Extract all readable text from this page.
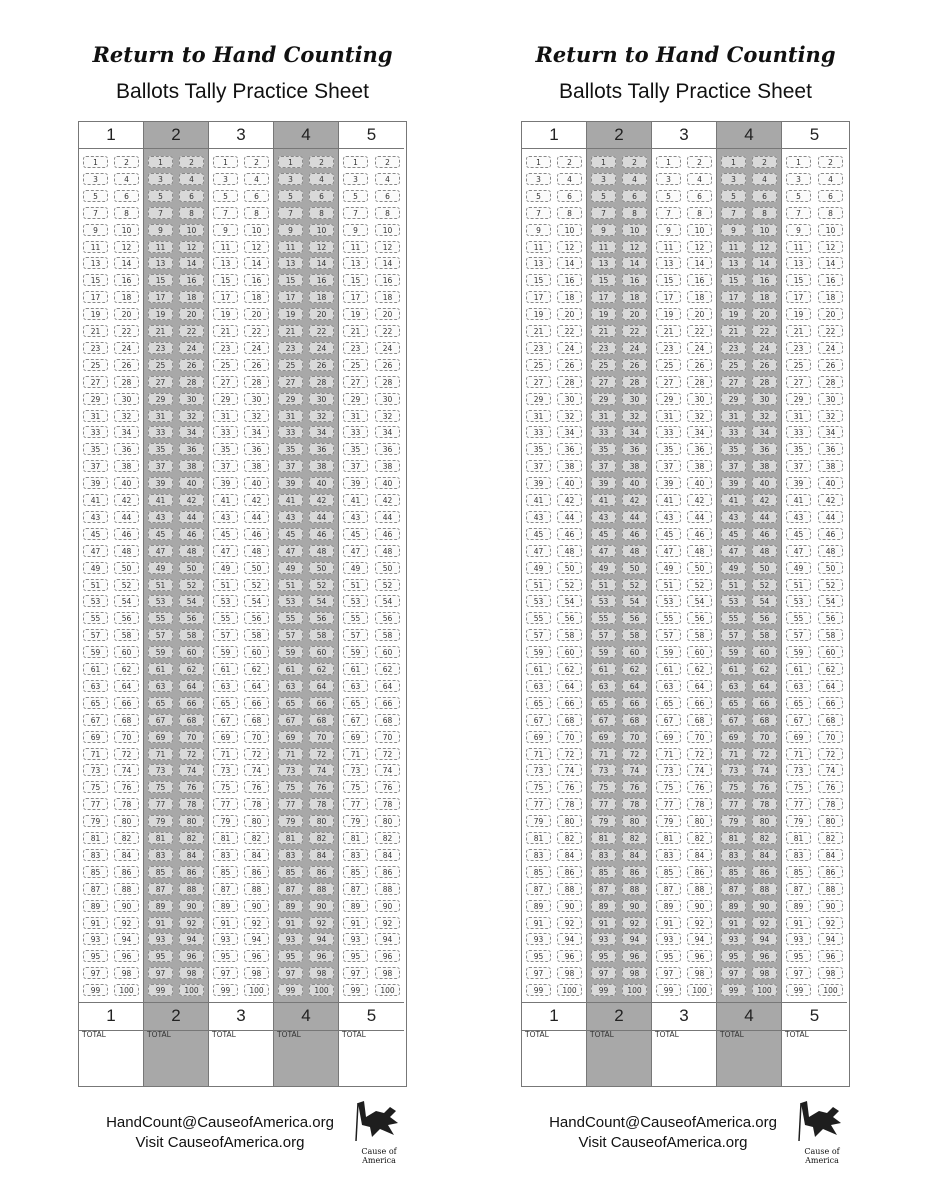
Return to Hand Counting
Ballots Tally Practice Sheet
1
1	2
3	4
5	6
7	8
9	10
11	12
13	14
15	16
17	18
19	20
21	22
23	24
25	26
27	28
29	30
31	32
33	34
35	36
37	38
39	40
41	42
43	44
45	46
47	48
49	50
51	52
53	54
55	56
57	58
59	60
61	62
63	64
65	66
67	68
69	70
71	72
73	74
75	76
77	78
79	80
81	82
83	84
85	86
87	88
89	90
91	92
93	94
95	96
97	98
99	100
1
TOTAL
2
1	2
3	4
5	6
7	8
9	10
11	12
13	14
15	16
17	18
19	20
21	22
23	24
25	26
27	28
29	30
31	32
33	34
35	36
37	38
39	40
41	42
43	44
45	46
47	48
49	50
51	52
53	54
55	56
57	58
59	60
61	62
63	64
65	66
67	68
69	70
71	72
73	74
75	76
77	78
79	80
81	82
83	84
85	86
87	88
89	90
91	92
93	94
95	96
97	98
99	100
2
TOTAL
3
1	2
3	4
5	6
7	8
9	10
11	12
13	14
15	16
17	18
19	20
21	22
23	24
25	26
27	28
29	30
31	32
33	34
35	36
37	38
39	40
41	42
43	44
45	46
47	48
49	50
51	52
53	54
55	56
57	58
59	60
61	62
63	64
65	66
67	68
69	70
71	72
73	74
75	76
77	78
79	80
81	82
83	84
85	86
87	88
89	90
91	92
93	94
95	96
97	98
99	100
3
TOTAL
4
1	2
3	4
5	6
7	8
9	10
11	12
13	14
15	16
17	18
19	20
21	22
23	24
25	26
27	28
29	30
31	32
33	34
35	36
37	38
39	40
41	42
43	44
45	46
47	48
49	50
51	52
53	54
55	56
57	58
59	60
61	62
63	64
65	66
67	68
69	70
71	72
73	74
75	76
77	78
79	80
81	82
83	84
85	86
87	88
89	90
91	92
93	94
95	96
97	98
99	100
4
TOTAL
5
1	2
3	4
5	6
7	8
9	10
11	12
13	14
15	16
17	18
19	20
21	22
23	24
25	26
27	28
29	30
31	32
33	34
35	36
37	38
39	40
41	42
43	44
45	46
47	48
49	50
51	52
53	54
55	56
57	58
59	60
61	62
63	64
65	66
67	68
69	70
71	72
73	74
75	76
77	78
79	80
81	82
83	84
85	86
87	88
89	90
91	92
93	94
95	96
97	98
99	100
5
TOTAL
HandCount@CauseofAmerica.org
Visit CauseofAmerica.org
Cause of America
Return to Hand Counting
Ballots Tally Practice Sheet
1
1	2
3	4
5	6
7	8
9	10
11	12
13	14
15	16
17	18
19	20
21	22
23	24
25	26
27	28
29	30
31	32
33	34
35	36
37	38
39	40
41	42
43	44
45	46
47	48
49	50
51	52
53	54
55	56
57	58
59	60
61	62
63	64
65	66
67	68
69	70
71	72
73	74
75	76
77	78
79	80
81	82
83	84
85	86
87	88
89	90
91	92
93	94
95	96
97	98
99	100
1
TOTAL
2
1	2
3	4
5	6
7	8
9	10
11	12
13	14
15	16
17	18
19	20
21	22
23	24
25	26
27	28
29	30
31	32
33	34
35	36
37	38
39	40
41	42
43	44
45	46
47	48
49	50
51	52
53	54
55	56
57	58
59	60
61	62
63	64
65	66
67	68
69	70
71	72
73	74
75	76
77	78
79	80
81	82
83	84
85	86
87	88
89	90
91	92
93	94
95	96
97	98
99	100
2
TOTAL
3
1	2
3	4
5	6
7	8
9	10
11	12
13	14
15	16
17	18
19	20
21	22
23	24
25	26
27	28
29	30
31	32
33	34
35	36
37	38
39	40
41	42
43	44
45	46
47	48
49	50
51	52
53	54
55	56
57	58
59	60
61	62
63	64
65	66
67	68
69	70
71	72
73	74
75	76
77	78
79	80
81	82
83	84
85	86
87	88
89	90
91	92
93	94
95	96
97	98
99	100
3
TOTAL
4
1	2
3	4
5	6
7	8
9	10
11	12
13	14
15	16
17	18
19	20
21	22
23	24
25	26
27	28
29	30
31	32
33	34
35	36
37	38
39	40
41	42
43	44
45	46
47	48
49	50
51	52
53	54
55	56
57	58
59	60
61	62
63	64
65	66
67	68
69	70
71	72
73	74
75	76
77	78
79	80
81	82
83	84
85	86
87	88
89	90
91	92
93	94
95	96
97	98
99	100
4
TOTAL
5
1	2
3	4
5	6
7	8
9	10
11	12
13	14
15	16
17	18
19	20
21	22
23	24
25	26
27	28
29	30
31	32
33	34
35	36
37	38
39	40
41	42
43	44
45	46
47	48
49	50
51	52
53	54
55	56
57	58
59	60
61	62
63	64
65	66
67	68
69	70
71	72
73	74
75	76
77	78
79	80
81	82
83	84
85	86
87	88
89	90
91	92
93	94
95	96
97	98
99	100
5
TOTAL
HandCount@CauseofAmerica.org
Visit CauseofAmerica.org
Cause of America
